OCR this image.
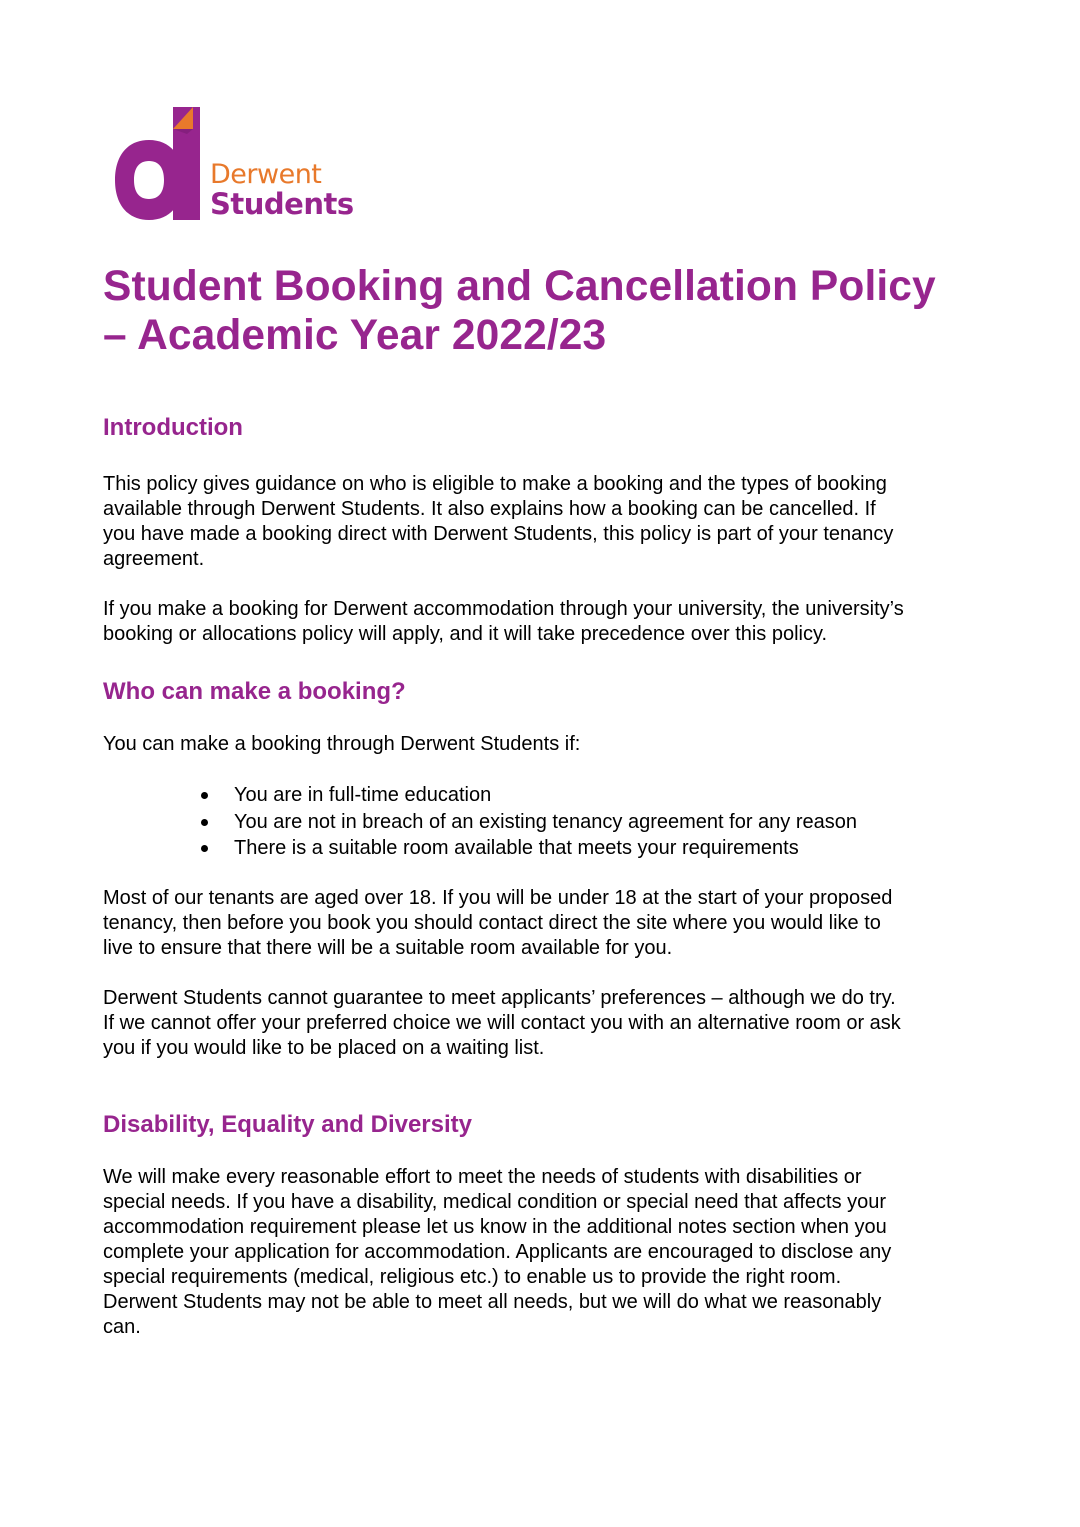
Derwent
Students
Student Booking and Cancellation Policy
– Academic Year 2022/23
Introduction

This policy gives guidance on who is eligible to make a booking and the types of booking
available through Derwent Students. It also explains how a booking can be cancelled. If
you have made a booking direct with Derwent Students, this policy is part of your tenancy
agreement.

If you make a booking for Derwent accommodation through your university, the university’s
booking or allocations policy will apply, and it will take precedence over this policy.

Who can make a booking?

You can make a booking through Derwent Students if:

You are in full-time education
You are not in breach of an existing tenancy agreement for any reason
There is a suitable room available that meets your requirements

Most of our tenants are aged over 18. If you will be under 18 at the start of your proposed
tenancy, then before you book you should contact direct the site where you would like to
live to ensure that there will be a suitable room available for you.

Derwent Students cannot guarantee to meet applicants’ preferences – although we do try.
If we cannot offer your preferred choice we will contact you with an alternative room or ask
you if you would like to be placed on a waiting list.

Disability, Equality and Diversity

We will make every reasonable effort to meet the needs of students with disabilities or
special needs. If you have a disability, medical condition or special need that affects your
accommodation requirement please let us know in the additional notes section when you
complete your application for accommodation. Applicants are encouraged to disclose any
special requirements (medical, religious etc.) to enable us to provide the right room.
Derwent Students may not be able to meet all needs, but we will do what we reasonably
can.
